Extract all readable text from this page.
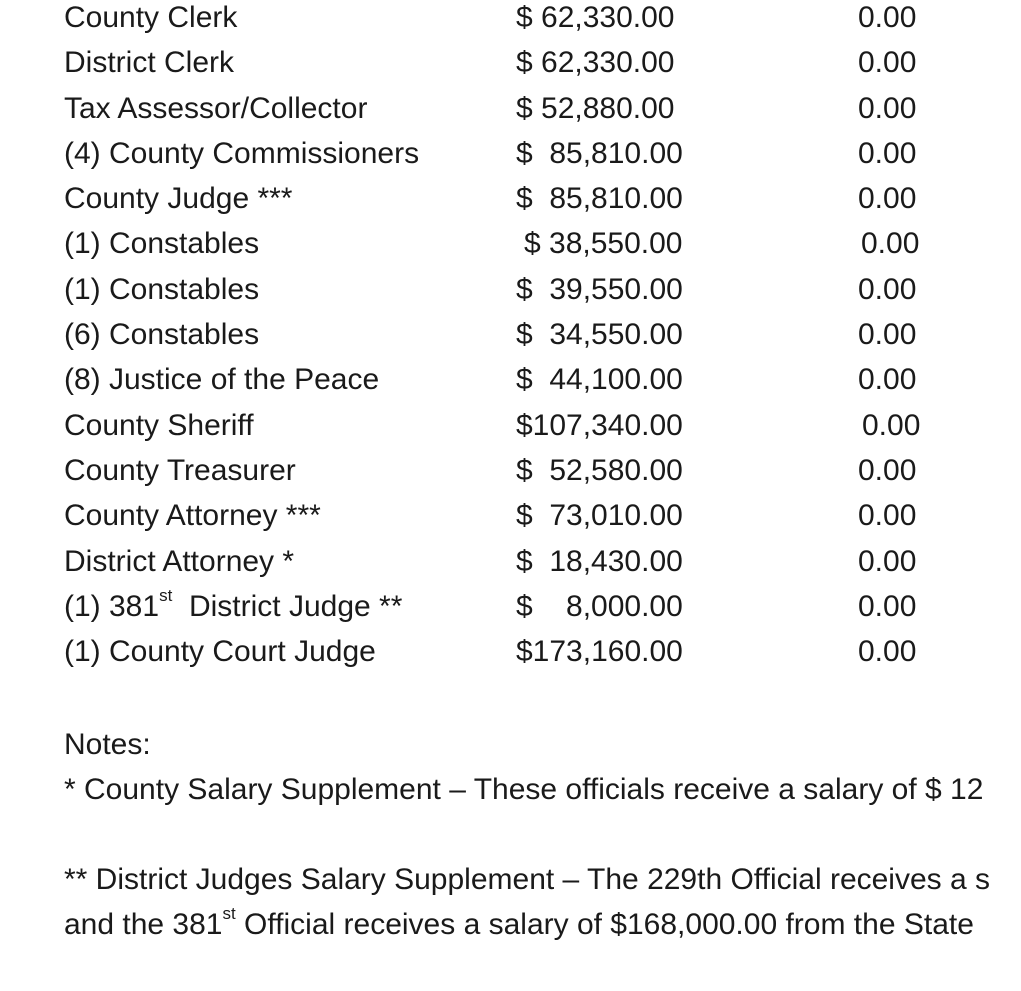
County Clerk	$ 62,330.00	0.00
District Clerk	$ 62,330.00	0.00
Tax Assessor/Collector	$ 52,880.00	0.00
(4) County Commissioners	$  85,810.00	0.00
County Judge ***	$  85,810.00	0.00
(1) Constables	$ 38,550.00	0.00
(1) Constables	$  39,550.00	0.00
(6) Constables	$  34,550.00	0.00
(8) Justice of the Peace	$  44,100.00	0.00
County Sheriff	$107,340.00	0.00
County Treasurer	$  52,580.00	0.00
County Attorney ***	$  73,010.00	0.00
District Attorney *	$  18,430.00	0.00
(1) 381st  District Judge **	$    8,000.00	0.00
(1) County Court Judge	$173,160.00	0.00

Notes:

* County Salary Supplement – These officials receive a salary of $ 12

** District Judges Salary Supplement – The 229th Official receives a s

and the 381st Official receives a salary of $168,000.00 from the State
